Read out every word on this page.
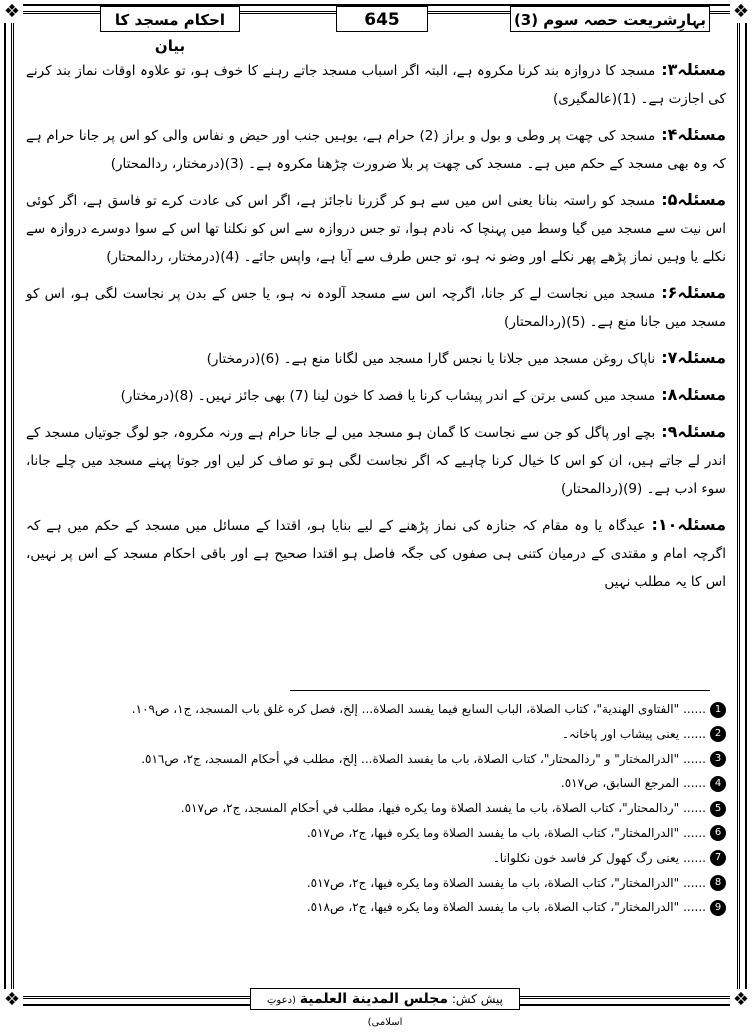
❖	❖
❖	❖
بہارِشریعت حصہ سوم (3)
645
احکام مسجد کا بیان

مسئلہ۳:مسجد کا دروازہ بند کرنا مکروہ ہے، البتہ اگر اسباب مسجد جاتے رہنے کا خوف ہو، تو علاوہ اوقات نماز بند کرنے کی اجازت ہے۔ (1)(عالمگیری)

مسئلہ۴:مسجد کی چھت پر وطی و بول و براز (2) حرام ہے، یوہیں جنب اور حیض و نفاس والی کو اس پر جانا حرام ہے کہ وہ بھی مسجد کے حکم میں ہے۔ مسجد کی چھت پر بلا ضرورت چڑھنا مکروہ ہے۔ (3)(درمختار، ردالمحتار)

مسئلہ۵:مسجد کو راستہ بنانا یعنی اس میں سے ہو کر گزرنا ناجائز ہے، اگر اس کی عادت کرے تو فاسق ہے، اگر کوئی اس نیت سے مسجد میں گیا وسط میں پہنچا کہ نادم ہوا، تو جس دروازہ سے اس کو نکلنا تھا اس کے سوا دوسرے دروازہ سے نکلے یا وہیں نماز پڑھے پھر نکلے اور وضو نہ ہو، تو جس طرف سے آیا ہے، واپس جائے۔ (4)(درمختار، ردالمحتار)

مسئلہ۶:مسجد میں نجاست لے کر جانا، اگرچہ اس سے مسجد آلودہ نہ ہو، یا جس کے بدن پر نجاست لگی ہو، اس کو مسجد میں جانا منع ہے۔ (5)(ردالمحتار)

مسئلہ۷:ناپاک روغن مسجد میں جلانا یا نجس گارا مسجد میں لگانا منع ہے۔ (6)(درمختار)

مسئلہ۸:مسجد میں کسی برتن کے اندر پیشاب کرنا یا فصد کا خون لینا (7) بھی جائز نہیں۔ (8)(درمختار)

مسئلہ۹:بچے اور پاگل کو جن سے نجاست کا گمان ہو مسجد میں لے جانا حرام ہے ورنہ مکروہ، جو لوگ جوتیاں مسجد کے اندر لے جاتے ہیں، ان کو اس کا خیال کرنا چاہیے کہ اگر نجاست لگی ہو تو صاف کر لیں اور جوتا پہنے مسجد میں چلے جانا، سوء ادب ہے۔ (9)(ردالمحتار)

مسئلہ۱۰:عیدگاہ یا وہ مقام کہ جنازہ کی نماز پڑھنے کے لیے بنایا ہو، اقتدا کے مسائل میں مسجد کے حکم میں ہے کہ اگرچہ امام و مقتدی کے درمیان کتنی ہی صفوں کی جگہ فاصل ہو اقتدا صحیح ہے اور باقی احکام مسجد کے اس پر نہیں، اس کا یہ مطلب نہیں

1......"الفتاوی الهندية"، كتاب الصلاة، الباب السابع فيما يفسد الصلاة... إلخ، فصل كره غلق باب المسجد، ج١، ص١٠٩.
2......یعنی پیشاب اور پاخانہ۔
3......"الدرالمختار" و "ردالمحتار"، كتاب الصلاة، باب ما يفسد الصلاة... إلخ، مطلب في أحكام المسجد، ج٢، ص٥١٦.
4......المرجع السابق، ص٥١٧.
5......"ردالمحتار"، كتاب الصلاة، باب ما يفسد الصلاة وما يكره فيها، مطلب في أحكام المسجد، ج٢، ص٥١٧.
6......"الدرالمختار"، كتاب الصلاة، باب ما يفسد الصلاة وما يكره فيها، ج٢، ص٥١٧.
7......یعنی رگ کھول کر فاسد خون نکلوانا۔
8......"الدرالمختار"، كتاب الصلاة، باب ما يفسد الصلاة وما يكره فيها، ج٢، ص٥١٧.
9......"الدرالمختار"، كتاب الصلاة، باب ما يفسد الصلاة وما يكره فيها، ج٢، ص٥١٨.
پیش کش: مجلس المدينة العلمية (دعوتِ اسلامی)
